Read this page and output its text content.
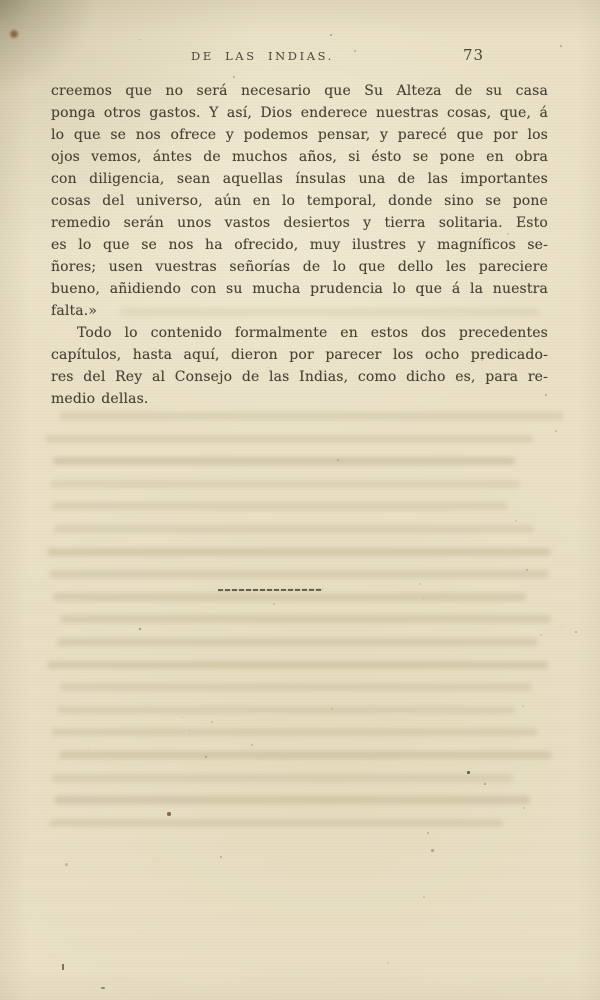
DE LAS INDIAS.	73
creemos que no será necesario que Su Alteza de su casa
ponga otros gastos. Y así, Dios enderece nuestras cosas, que, á
lo que se nos ofrece y podemos pensar, y parecé que por los
ojos vemos, ántes de muchos años, si ésto se pone en obra
con diligencia, sean aquellas ínsulas una de las importantes
cosas del universo, aún en lo temporal, donde sino se pone
remedio serán unos vastos desiertos y tierra solitaria. Esto
es lo que se nos ha ofrecido, muy ilustres y magníficos se-
ñores; usen vuestras señorías de lo que dello les pareciere
bueno, añidiendo con su mucha prudencia lo que á la nuestra
falta.»
Todo lo contenido formalmente en estos dos precedentes
capítulos, hasta aquí, dieron por parecer los ocho predicado-
res del Rey al Consejo de las Indias, como dicho es, para re-
medio dellas.
